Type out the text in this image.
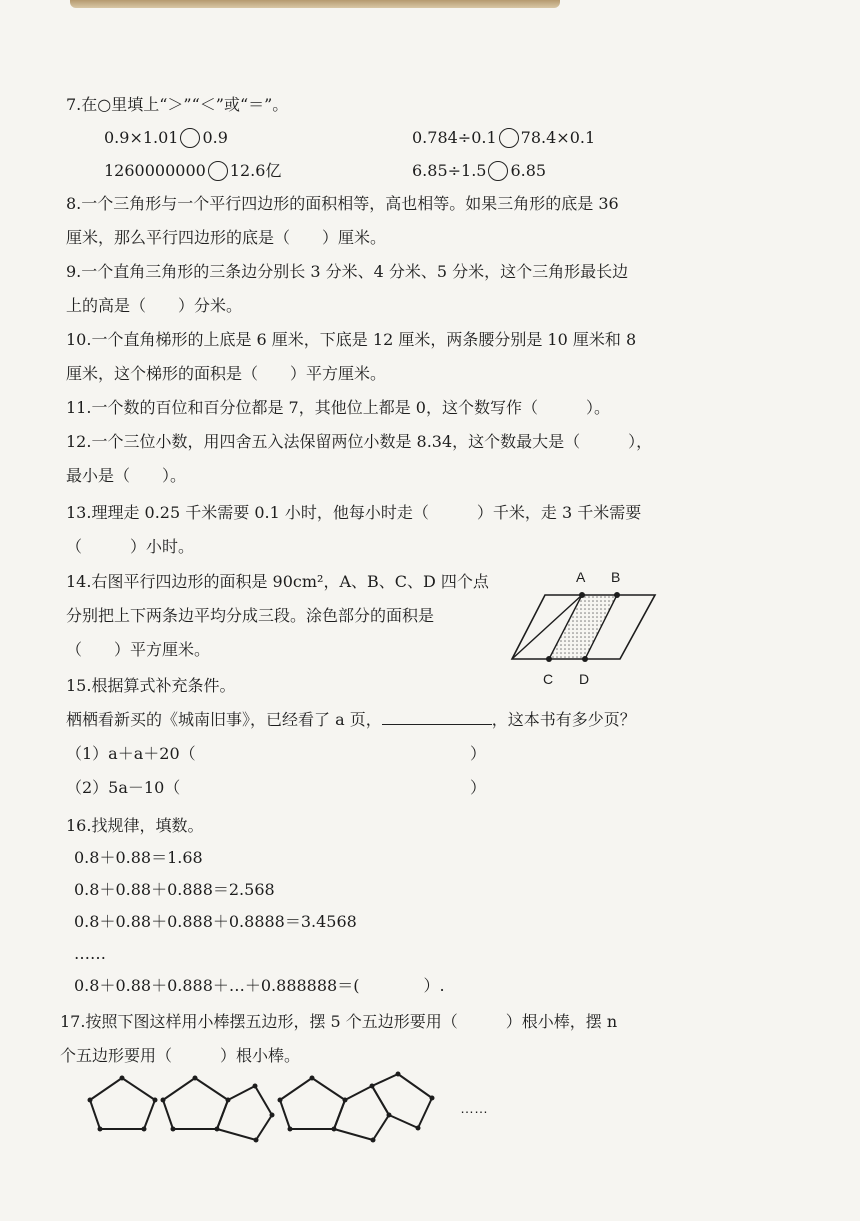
7.在○里填上“＞”“＜”或“＝”。
0.9×1.01 0.9	0.784÷0.1 78.4×0.1
1260000000 12.6亿	6.85÷1.5 6.85
8.一个三角形与一个平行四边形的面积相等，高也相等。如果三角形的底是 36
厘米，那么平行四边形的底是（　　）厘米。
9.一个直角三角形的三条边分别长 3 分米、4 分米、5 分米，这个三角形最长边
上的高是（　　）分米。
10.一个直角梯形的上底是 6 厘米，下底是 12 厘米，两条腰分别是 10 厘米和 8
厘米，这个梯形的面积是（　　）平方厘米。
11.一个数的百位和百分位都是 7，其他位上都是 0，这个数写作（　　　）。
12.一个三位小数，用四舍五入法保留两位小数是 8.34，这个数最大是（　　　），
最小是（　　）。
13.理理走 0.25 千米需要 0.1 小时，他每小时走（　　　）千米，走 3 千米需要
（　　　）小时。
14.右图平行四边形的面积是 90cm²，A、B、C、D 四个点
分别把上下两条边平均分成三段。涂色部分的面积是
（　　）平方厘米。
A B
C D
15.根据算式补充条件。
栖栖看新买的《城南旧事》，已经看了 a 页，	，这本书有多少页？
（1）a＋a＋20（	）
（2）5a－10（	）
16.找规律，填数。
0.8＋0.88＝1.68
0.8＋0.88＋0.888＝2.568
0.8＋0.88＋0.888＋0.8888＝3.4568
……
0.8＋0.88＋0.888＋…＋0.888888＝(　　　　）.
17.按照下图这样用小棒摆五边形，摆 5 个五边形要用（　　　）根小棒，摆 n
个五边形要用（　　　）根小棒。
……
